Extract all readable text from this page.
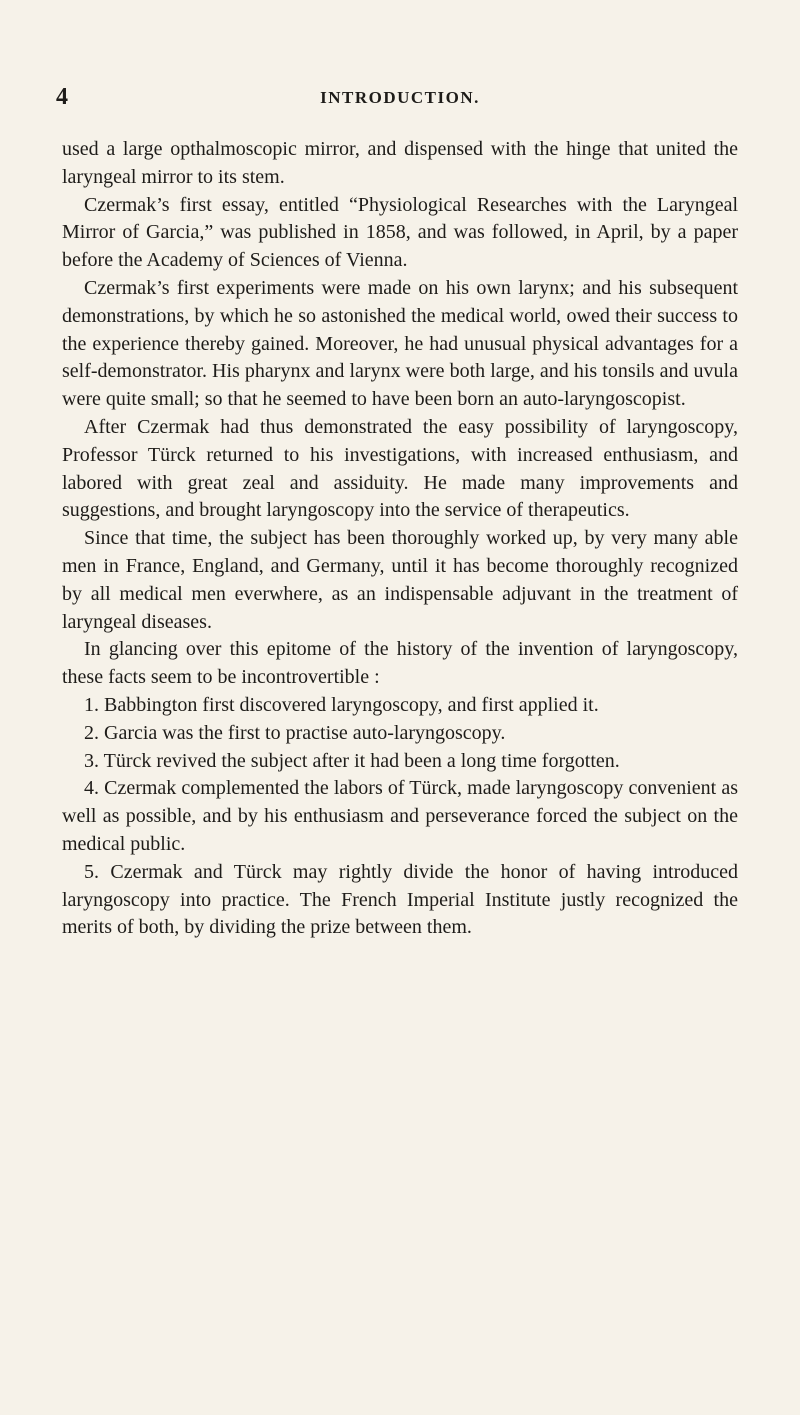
4	INTRODUCTION.

used a large opthalmoscopic mirror, and dispensed with the hinge that united the laryngeal mirror to its stem.

Czermak’s first essay, entitled “Physiological Researches with the Laryngeal Mirror of Garcia,” was published in 1858, and was followed, in April, by a paper before the Academy of Sciences of Vienna.

Czermak’s first experiments were made on his own larynx; and his subsequent demonstrations, by which he so astonished the medical world, owed their success to the experience thereby gained. Moreover, he had unusual physical advantages for a self-demonstrator. His pharynx and larynx were both large, and his tonsils and uvula were quite small; so that he seemed to have been born an auto-laryngoscopist.

After Czermak had thus demonstrated the easy possibility of laryngoscopy, Professor Türck returned to his investigations, with increased enthusiasm, and labored with great zeal and assiduity. He made many improvements and suggestions, and brought laryngoscopy into the service of therapeutics.

Since that time, the subject has been thoroughly worked up, by very many able men in France, England, and Germany, until it has become thoroughly recognized by all medical men everwhere, as an indispensable adjuvant in the treatment of laryngeal diseases.

In glancing over this epitome of the history of the invention of laryngoscopy, these facts seem to be incontrovertible :

1. Babbington first discovered laryngoscopy, and first applied it.

2. Garcia was the first to practise auto-laryngoscopy.

3. Türck revived the subject after it had been a long time forgotten.

4. Czermak complemented the labors of Türck, made laryngoscopy convenient as well as possible, and by his enthusiasm and perseverance forced the subject on the medical public.

5. Czermak and Türck may rightly divide the honor of having introduced laryngoscopy into practice. The French Imperial Institute justly recognized the merits of both, by dividing the prize between them.
